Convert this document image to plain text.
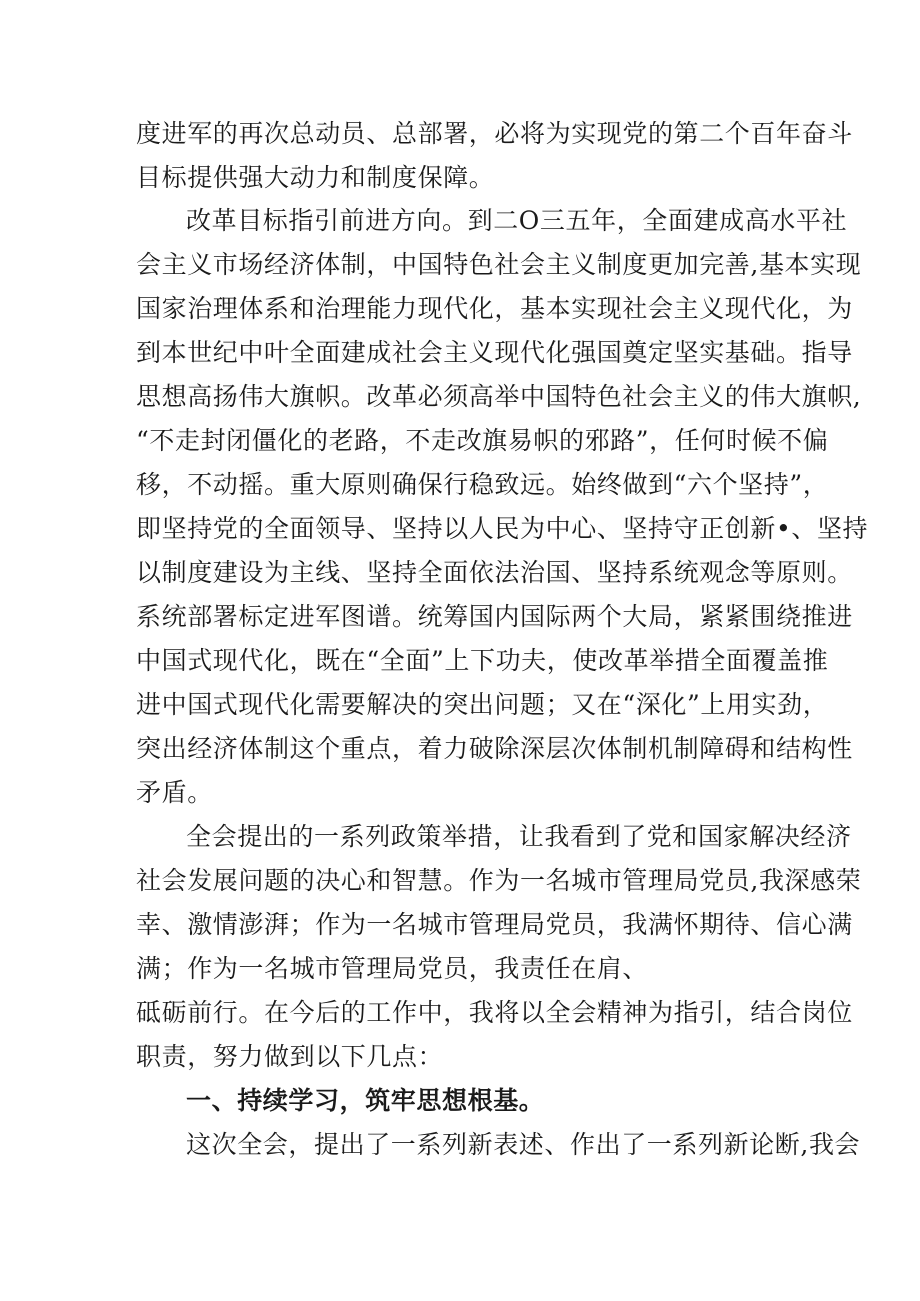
度进军的再次总动员、总部署，必将为实现党的第二个百年奋斗
目标提供强大动力和制度保障。
改革目标指引前进方向。到二O三五年，全面建成高水平社
会主义市场经济体制，中国特色社会主义制度更加完善,基本实现
国家治理体系和治理能力现代化，基本实现社会主义现代化，为
到本世纪中叶全面建成社会主义现代化强国奠定坚实基础。指导
思想高扬伟大旗帜。改革必须高举中国特色社会主义的伟大旗帜,
“不走封闭僵化的老路，不走改旗易帜的邪路”，任何时候不偏
移，不动摇。重大原则确保行稳致远。始终做到“六个坚持”，
即坚持党的全面领导、坚持以人民为中心、坚持守正创新•、坚持
以制度建设为主线、坚持全面依法治国、坚持系统观念等原则。
系统部署标定进军图谱。统筹国内国际两个大局，紧紧围绕推进
中国式现代化，既在“全面”上下功夫，使改革举措全面覆盖推
进中国式现代化需要解决的突出问题；又在“深化”上用实劲，
突出经济体制这个重点，着力破除深层次体制机制障碍和结构性
矛盾。
全会提出的一系列政策举措，让我看到了党和国家解决经济
社会发展问题的决心和智慧。作为一名城市管理局党员,我深感荣
幸、激情澎湃；作为一名城市管理局党员，我满怀期待、信心满
满；作为一名城市管理局党员，我责任在肩、
砥砺前行。在今后的工作中，我将以全会精神为指引，结合岗位
职责，努力做到以下几点：
一、持续学习，筑牢思想根基。
这次全会，提出了一系列新表述、作出了一系列新论断,我会
